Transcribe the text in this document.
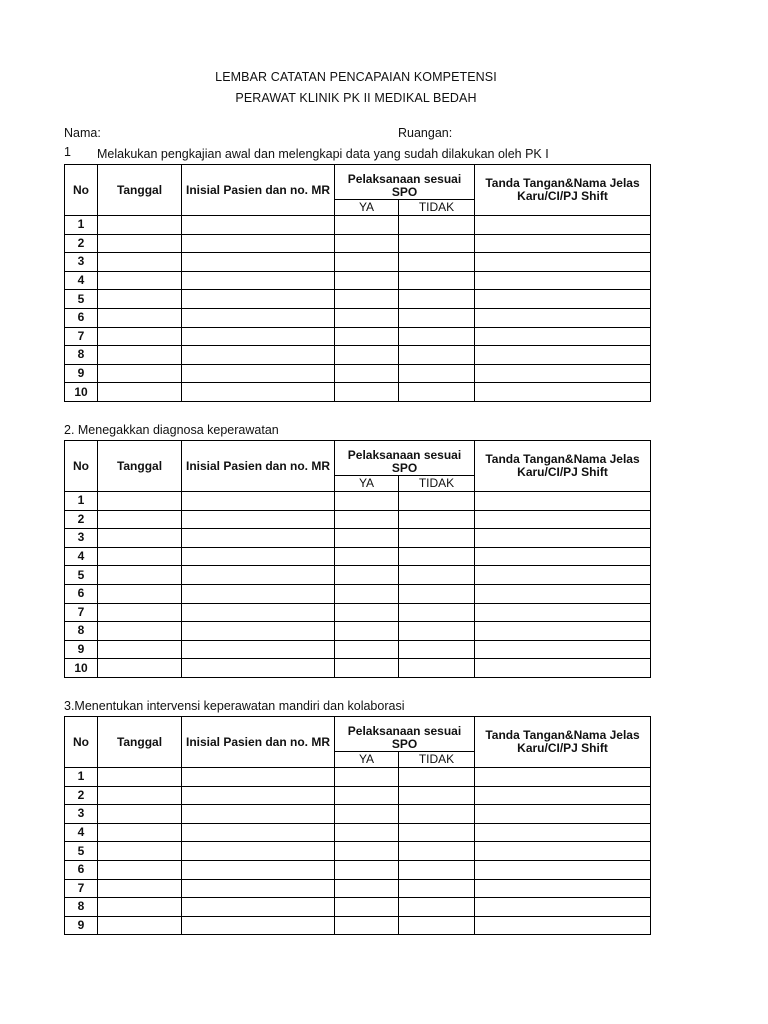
LEMBAR CATATAN PENCAPAIAN KOMPETENSI
PERAWAT KLINIK PK II MEDIKAL BEDAH
Nama:	Ruangan:
1 Melakukan pengkajian awal dan melengkapi data yang sudah dilakukan oleh PK I
No	Tanggal	Inisial Pasien dan no. MR	Pelaksanaan sesuai SPO		Tanda Tangan&Nama Jelas
Karu/CI/PJ Shift

			YA	TIDAK	
1					
2					
3					
4					
5					
6					
7					
8					
9					
10					
2. Menegakkan diagnosa keperawatan
No	Tanggal	Inisial Pasien dan no. MR	Pelaksanaan sesuai SPO		Tanda Tangan&Nama Jelas
Karu/CI/PJ Shift

			YA	TIDAK	
1					
2					
3					
4					
5					
6					
7					
8					
9					
10					
3.Menentukan intervensi keperawatan mandiri dan kolaborasi
No	Tanggal	Inisial Pasien dan no. MR	Pelaksanaan sesuai SPO		Tanda Tangan&Nama Jelas
Karu/CI/PJ Shift

			YA	TIDAK	
1					
2					
3					
4					
5					
6					
7					
8					
9					
